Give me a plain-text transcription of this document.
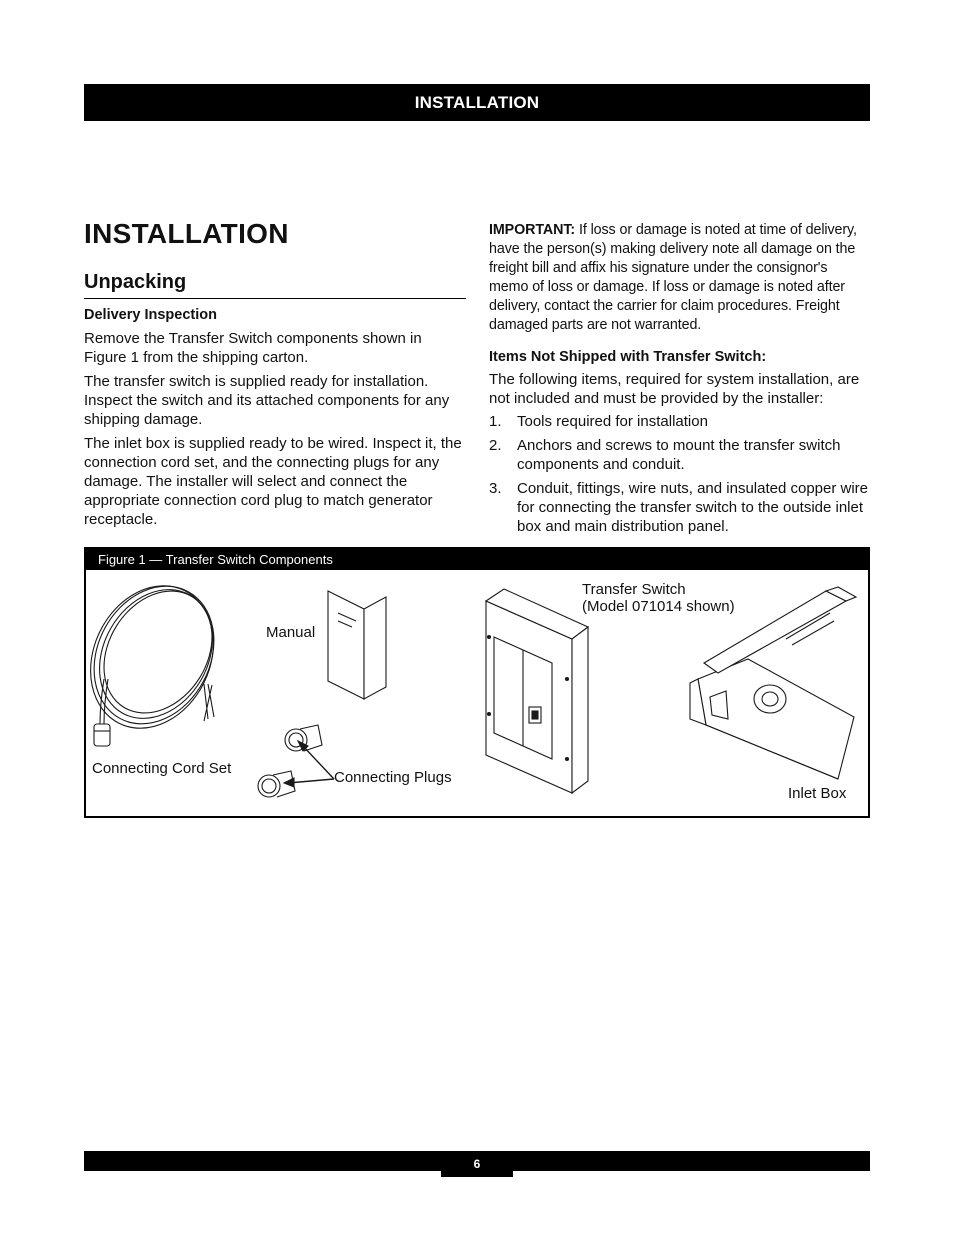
INSTALLATION
INSTALLATION
Unpacking
Delivery Inspection

Remove the Transfer Switch components shown in Figure 1 from the shipping carton.

The transfer switch is supplied ready for installation. Inspect the switch and its attached components for any shipping damage.

The inlet box is supplied ready to be wired. Inspect it, the connection cord set, and the connecting plugs for any damage. The installer will select and connect the appropriate connection cord plug to match generator receptacle.

IMPORTANT: If loss or damage is noted at time of delivery, have the person(s) making delivery note all damage on the freight bill and affix his signature under the consignor's memo of loss or damage. If loss or damage is noted after delivery, contact the carrier for claim procedures. Freight damaged parts are not warranted.

Items Not Shipped with Transfer Switch:

The following items, required for system installation, are not included and must be provided by the installer:

1.	Tools required for installation
2.	Anchors and screws to mount the transfer switch components and conduit.
3.	Conduit, fittings, wire nuts, and insulated copper wire for connecting the transfer switch to the outside inlet box and main distribution panel.
Figure 1 — Transfer Switch Components
Connecting Cord Set
Manual
Connecting Plugs
Transfer Switch
(Model 071014 shown)
Inlet Box
6
